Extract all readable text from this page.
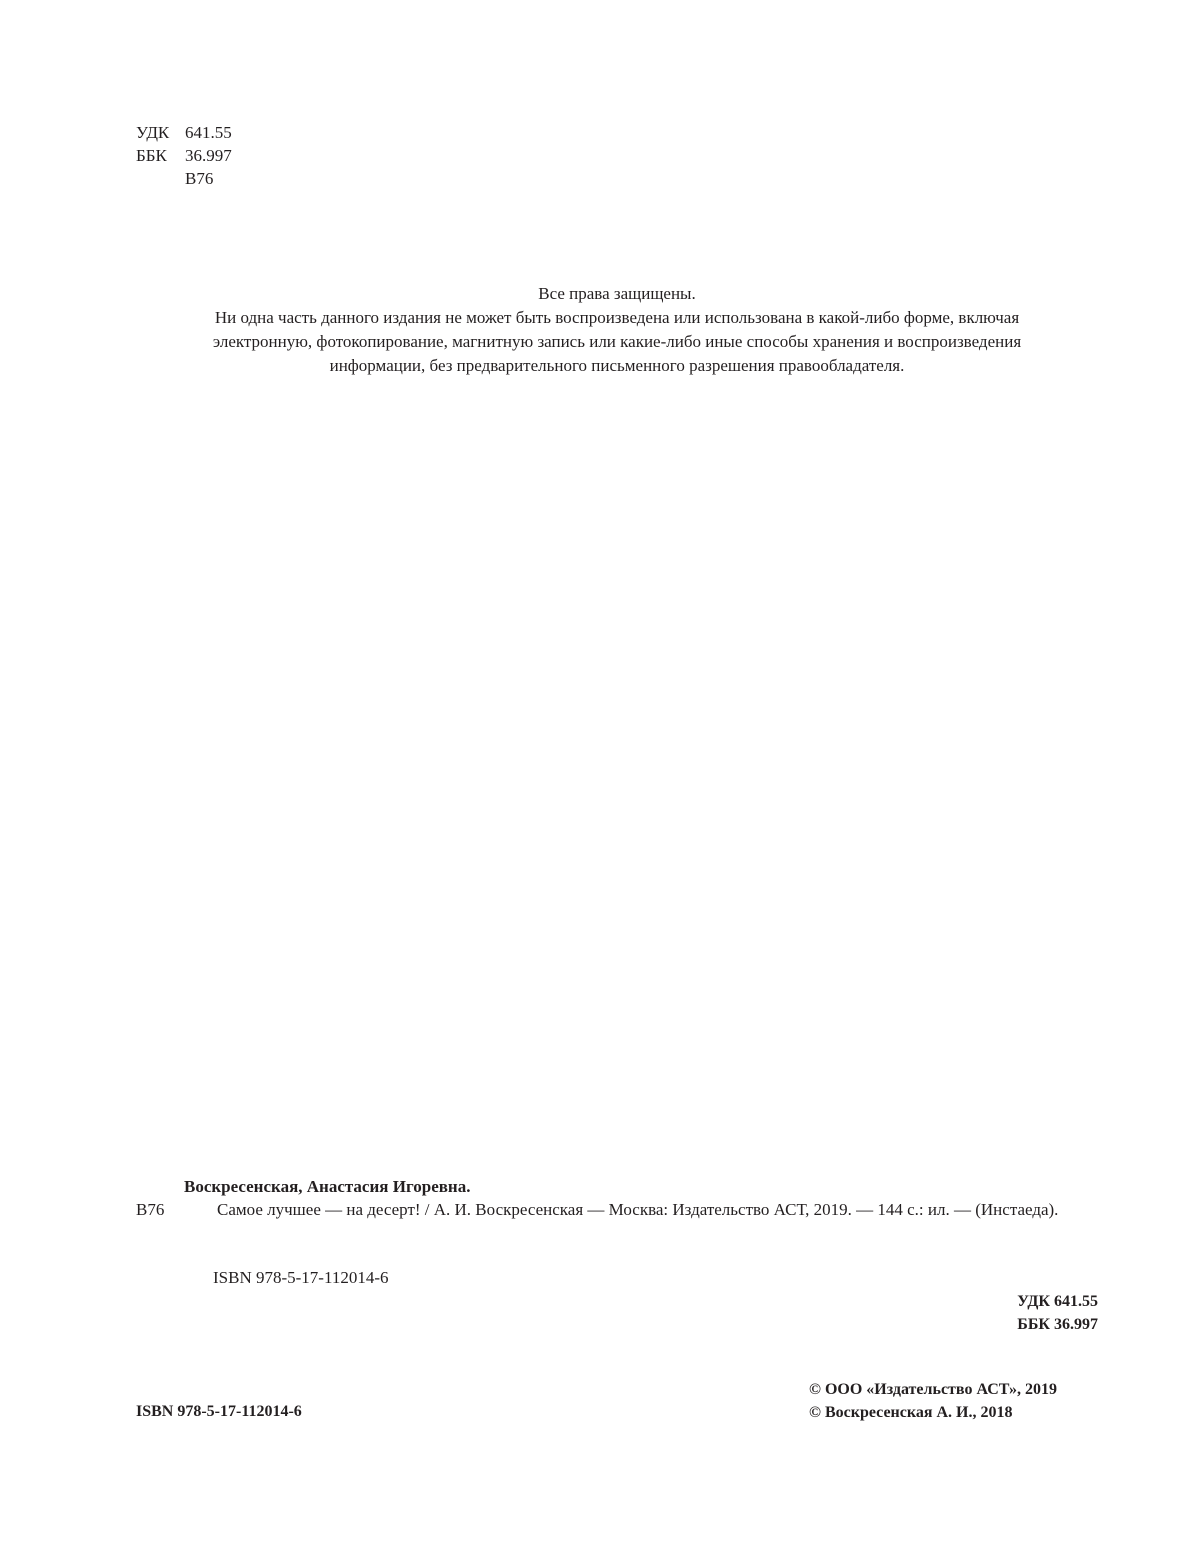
УДК 641.55
ББК	36.997
В76

Все права защищены.

Ни одна часть данного издания не может быть воспроизведена или использована в какой-либо форме, включая

электронную, фотокопирование, магнитную запись или какие-либо иные способы хранения и воспроизведения

информации, без предварительного письменного разрешения правообладателя.

Воскресенская, Анастасия Игоревна.
В76	Самое лучшее — на десерт! / А. И. Воскресенская — Москва: Издательство АСТ, 2019. — 144 с.: ил. — (Инстаеда).
ISBN 978-5-17-112014-6
УДК 641.55
ББК 36.997
© ООО «Издательство АСТ», 2019
© Воскресенская А. И., 2018
ISBN 978-5-17-112014-6
